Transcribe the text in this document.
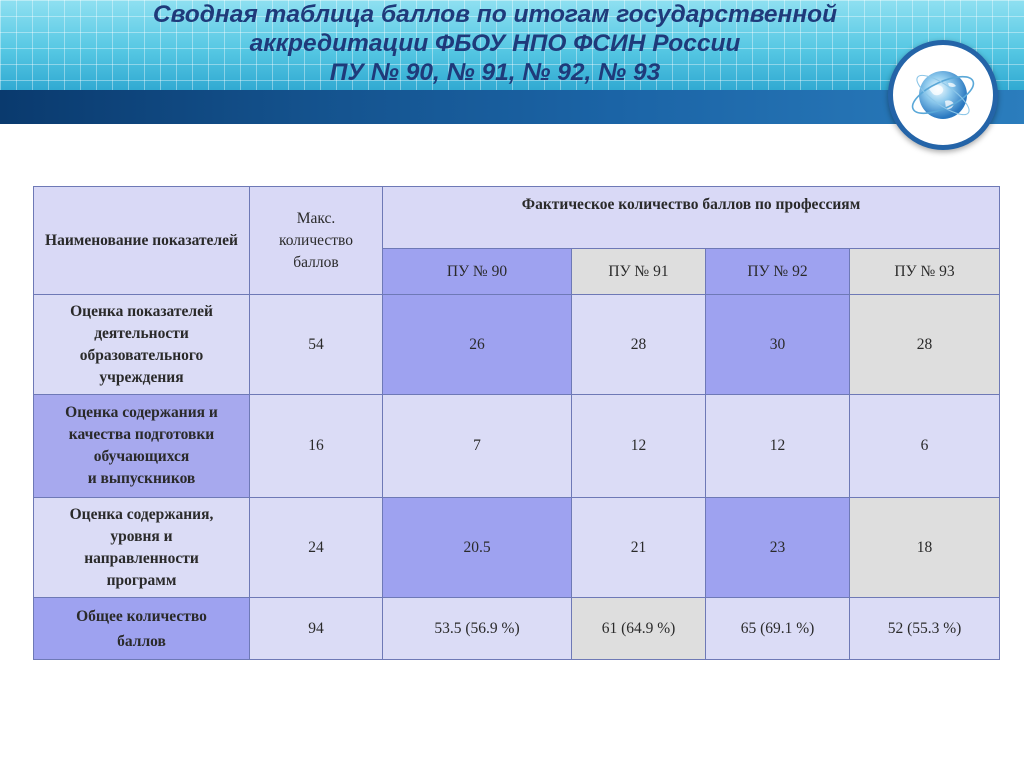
Сводная таблица баллов по итогам государственной
аккредитации ФБОУ НПО ФСИН России
ПУ № 90, № 91, № 92, № 93
Наименование показателей	Макс.
количество
баллов	Фактическое количество баллов по профессиям			
		ПУ № 90	ПУ № 91	ПУ № 92	ПУ № 93
Оценка показателей
деятельности
образовательного
учреждения	54	26	28	30	28
Оценка содержания и
качества подготовки
обучающихся
и выпускников	16	7	12	12	6
Оценка содержания,
уровня и
направленности
программ	24	20.5	21	23	18
Общее количество
баллов	94	53.5 (56.9 %)	61 (64.9 %)	65 (69.1 %)	52 (55.3 %)
